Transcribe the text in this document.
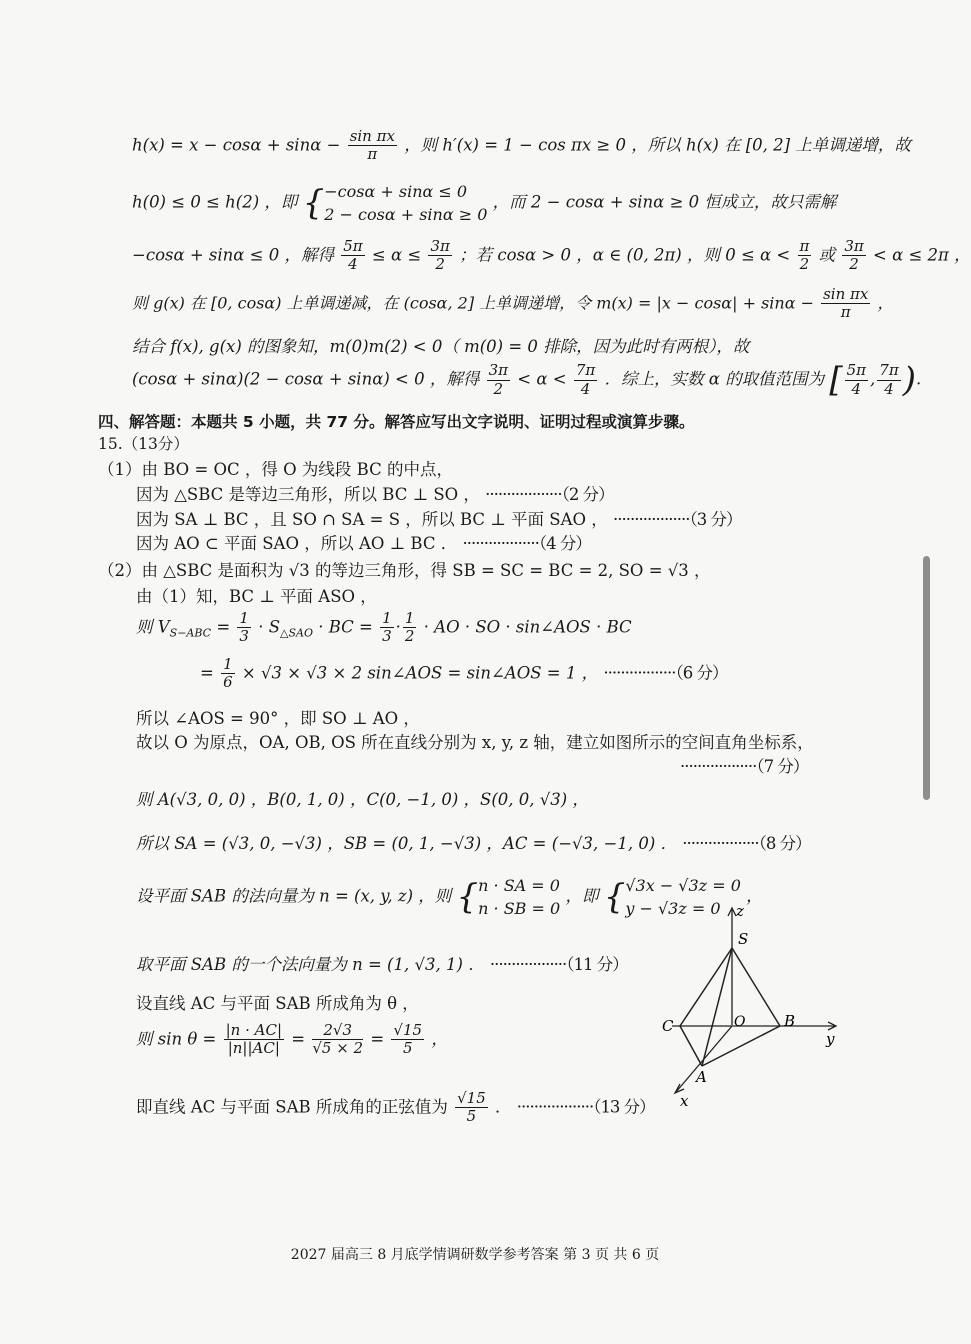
$h(x) = x - \cos\alpha + \sin\alpha - \frac{\text{sin πx}}{\pi}$ ，则 h′(x) = 1 − cos πx ≥ 0 ，所以 h(x) 在 [0, 2] 上单调递增，故
h(0) ≤ 0 ≤ h(2) ，即 { −cosα + sinα ≤ 0
2 − cosα + sinα ≥ 0
，而 2 − cosα + sinα ≥ 0 恒成立，故只需解
−cosα + sinα ≤ 0 ，解得 $\frac{5\pi}{4} \le \alpha \le \frac{3\pi}{2}$ ；若 cosα > 0 ，α ∈ (0, 2π) ，则 $0 \le \alpha < \frac{\pi}{2}$ 或 $\frac{3\pi}{2} < \alpha \le 2\pi$ ，
则 g(x) 在 [0, cosα) 上单调递减，在 (cosα, 2] 上单调递增，令 $m(x) = |x - \cos\alpha| + \sin\alpha - \frac{\text{sin πx}}{\pi}$ ，
结合 f(x), g(x) 的图象知，m(0)m(2) < 0（ m(0) = 0 排除，因为此时有两根），故
(cosα + sinα)(2 − cosα + sinα) < 0 ，解得 $\frac{3\pi}{2} < \alpha < \frac{7\pi}{4}$ ．综上，实数 α 的取值范围为 [ $\frac{5\pi}{4}$ , $\frac{7\pi}{4}$ ).
四、解答题：本题共 5 小题，共 77 分。解答应写出文字说明、证明过程或演算步骤。
15.（13分）
（1）由 BO = OC ，得 O 为线段 BC 的中点，
因为 △SBC 是等边三角形，所以 BC ⊥ SO ， ··················（2 分）
因为 SA ⊥ BC ，且 SO ∩ SA = S ，所以 BC ⊥ 平面 SAO ， ··················（3 分）
因为 AO ⊂ 平面 SAO ，所以 AO ⊥ BC ． ··················（4 分）
（2）由 △SBC 是面积为 √3 的等边三角形，得 SB = SC = BC = 2, SO = √3 ，
由（1）知，BC ⊥ 平面 ASO ，
则 $V_{S-ABC} = \frac{1}{3} \cdot S_{\triangle SAO}$ · BC = $\frac{1}{3} \cdot \frac{1}{2}$ · AO · SO · sin∠AOS · BC
= $\frac{1}{6} \times √3 \times √3 \times 2$ sin∠AOS = sin∠AOS = 1 ， ·················（6 分）
所以 ∠AOS = 90° ，即 SO ⊥ AO ，
故以 O 为原点，OA, OB, OS 所在直线分别为 x, y, z 轴，建立如图所示的空间直角坐标系，
··················（7 分）
则 A(√3, 0, 0) ，B(0, 1, 0) ，C(0, −1, 0) ，S(0, 0, √3) ，
所以 SA = (√3, 0, −√3) ，SB = (0, 1, −√3) ，AC = (−√3, −1, 0) ． ··················（8 分）
设平面 SAB 的法向量为 n = (x, y, z) ，则 { n · SA = 0
n · SB = 0
，即 { √3x − √3z = 0
y − √3z = 0
，
取平面 SAB 的一个法向量为 n = (1, √3, 1) ． ··················（11 分）
设直线 AC 与平面 SAB 所成角为 θ ，
则 $\sin \theta = \frac{|n \cdot AC|}{|n||AC|} = \frac{2√3}{√5 \times 2} = \frac{√15}{5}$ ，
即直线 AC 与平面 SAB 所成角的正弦值为 $\frac{√15}{5}$ ． ··················（13 分）
z
S
C	O	B
y
A
x
2027 届高三 8 月底学情调研数学参考答案 第 3 页 共 6 页
